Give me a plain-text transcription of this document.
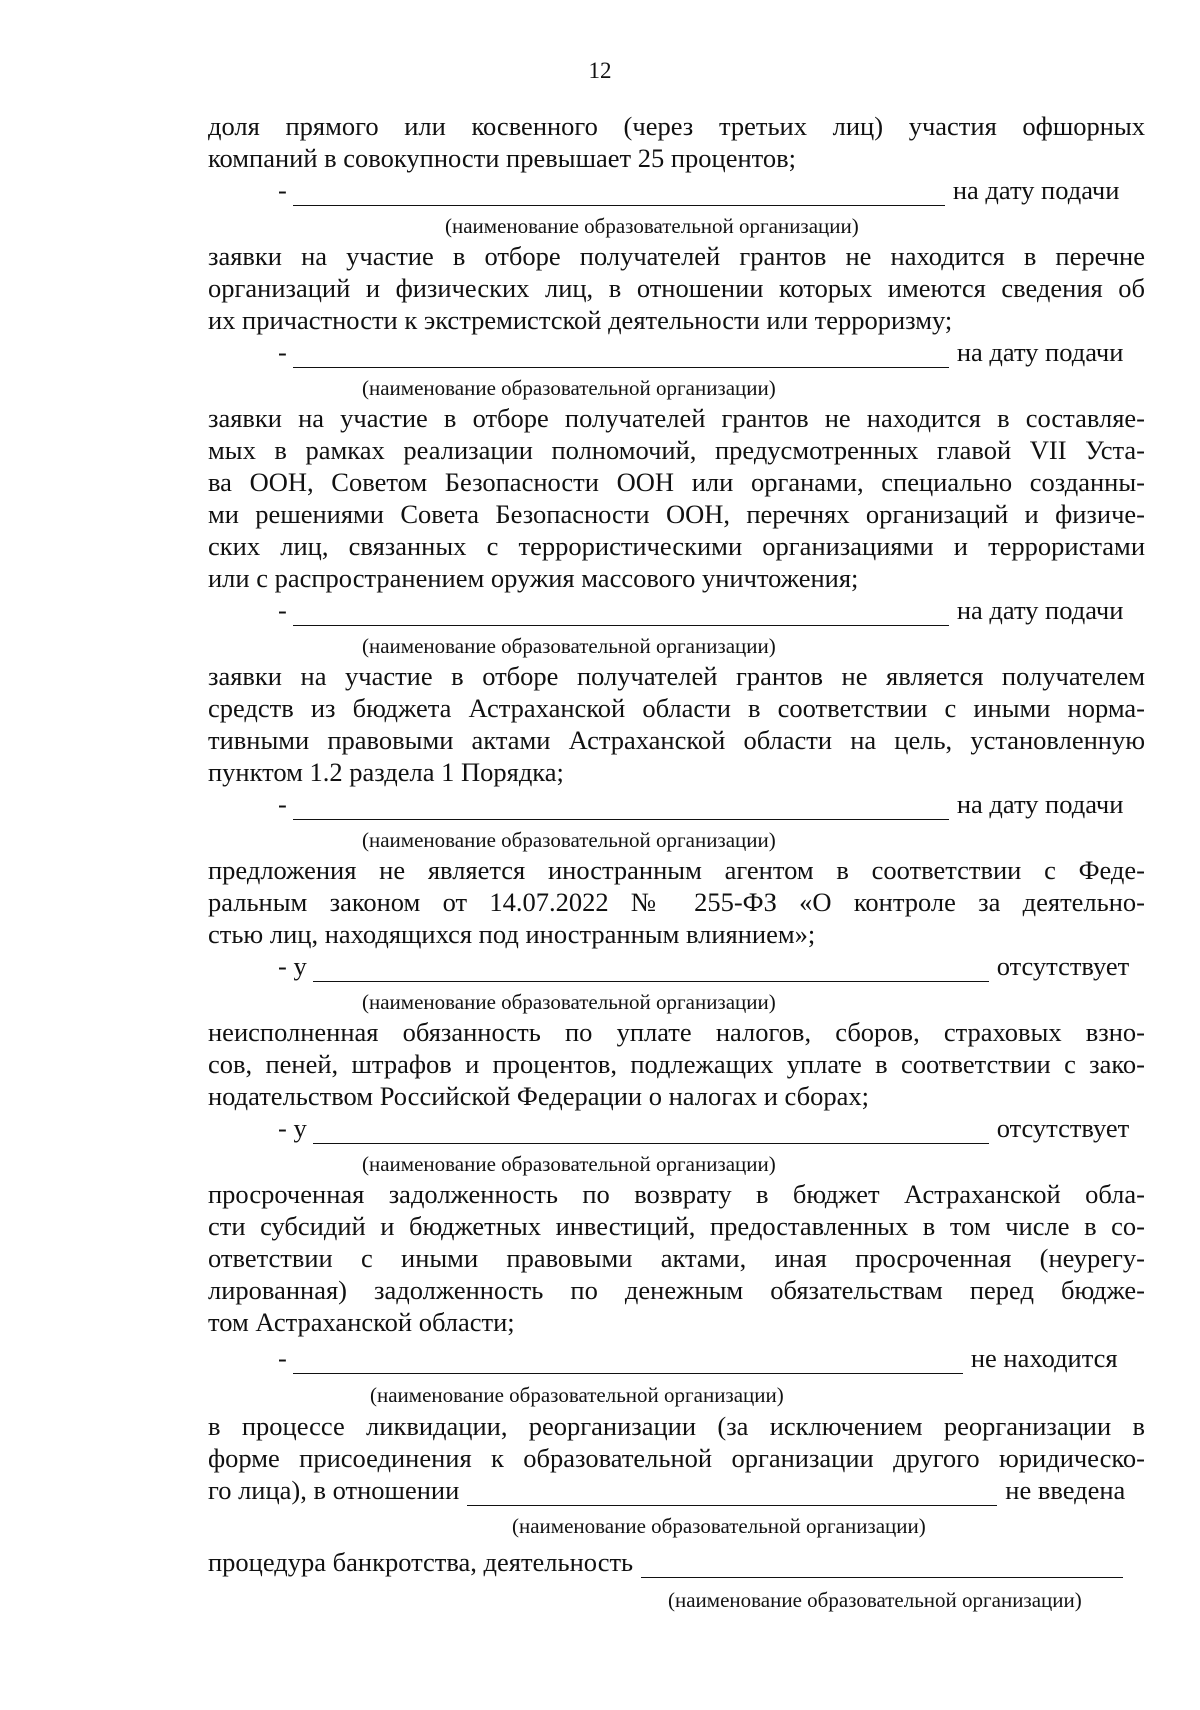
12
доля прямого или косвенного (через третьих лиц) участия офшорных
компаний в совокупности превышает 25 процентов;
-	на дату подачи
(наименование образовательной организации)
заявки на участие в отборе получателей грантов не находится в перечне
организаций и физических лиц, в отношении которых имеются сведения об
их причастности к экстремистской деятельности или терроризму;
-	на дату подачи
(наименование образовательной организации)
заявки на участие в отборе получателей грантов не находится в составляе-
мых в рамках реализации полномочий, предусмотренных главой VII Уста-
ва ООН, Советом Безопасности ООН или органами, специально созданны-
ми решениями Совета Безопасности ООН, перечнях организаций и физиче-
ских лиц, связанных с террористическими организациями и террористами
или с распространением оружия массового уничтожения;
-	на дату подачи
(наименование образовательной организации)
заявки на участие в отборе получателей грантов не является получателем
средств из бюджета Астраханской области в соответствии с иными норма-
тивными правовыми актами Астраханской области на цель, установленную
пунктом 1.2 раздела 1 Порядка;
-	на дату подачи
(наименование образовательной организации)
предложения не является иностранным агентом в соответствии с Феде-
ральным законом от 14.07.2022 № 255-ФЗ «О контроле за деятельно-
стью лиц, находящихся под иностранным влиянием»;
- у	отсутствует
(наименование образовательной организации)
неисполненная обязанность по уплате налогов, сборов, страховых взно-
сов, пеней, штрафов и процентов, подлежащих уплате в соответствии с зако-
нодательством Российской Федерации о налогах и сборах;
- у	отсутствует
(наименование образовательной организации)
просроченная задолженность по возврату в бюджет Астраханской обла-
сти субсидий и бюджетных инвестиций, предоставленных в том числе в со-
ответствии с иными правовыми актами, иная просроченная (неурегу-
лированная) задолженность по денежным обязательствам перед бюдже-
том Астраханской области;
-	не находится
(наименование образовательной организации)
в процессе ликвидации, реорганизации (за исключением реорганизации в
форме присоединения к образовательной организации другого юридическо-
го лица), в отношении	не введена
(наименование образовательной организации)
процедура банкротства, деятельность
(наименование образовательной организации)
